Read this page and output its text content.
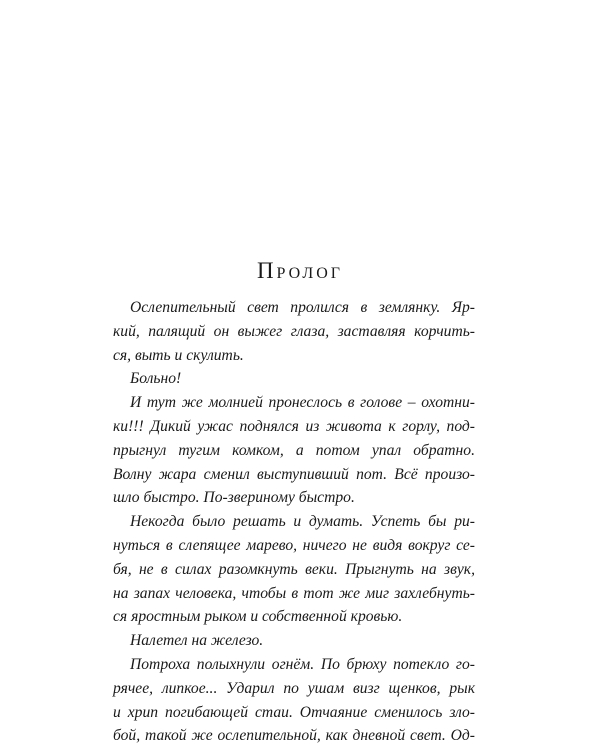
Пролог
Ослепительный свет пролился в землянку. Яр-
кий, палящий он выжег глаза, заставляя корчить-
ся, выть и скулить.
Больно!
И тут же молнией пронеслось в голове – охотни-
ки!!! Дикий ужас поднялся из живота к горлу, под-
прыгнул тугим комком, а потом упал обратно.
Волну жара сменил выступивший пот. Всё произо-
шло быстро. По-звериному быстро.
Некогда было решать и думать. Успеть бы ри-
нуться в слепящее марево, ничего не видя вокруг се-
бя, не в силах разомкнуть веки. Прыгнуть на звук,
на запах человека, чтобы в тот же миг захлебнуть-
ся яростным рыком и собственной кровью.
Налетел на железо.
Потроха полыхнули огнём. По брюху потекло го-
рячее, липкое... Ударил по ушам визг щенков, рык
и хрип погибающей стаи. Отчаяние сменилось зло-
бой, такой же ослепительной, как дневной свет. Од-
